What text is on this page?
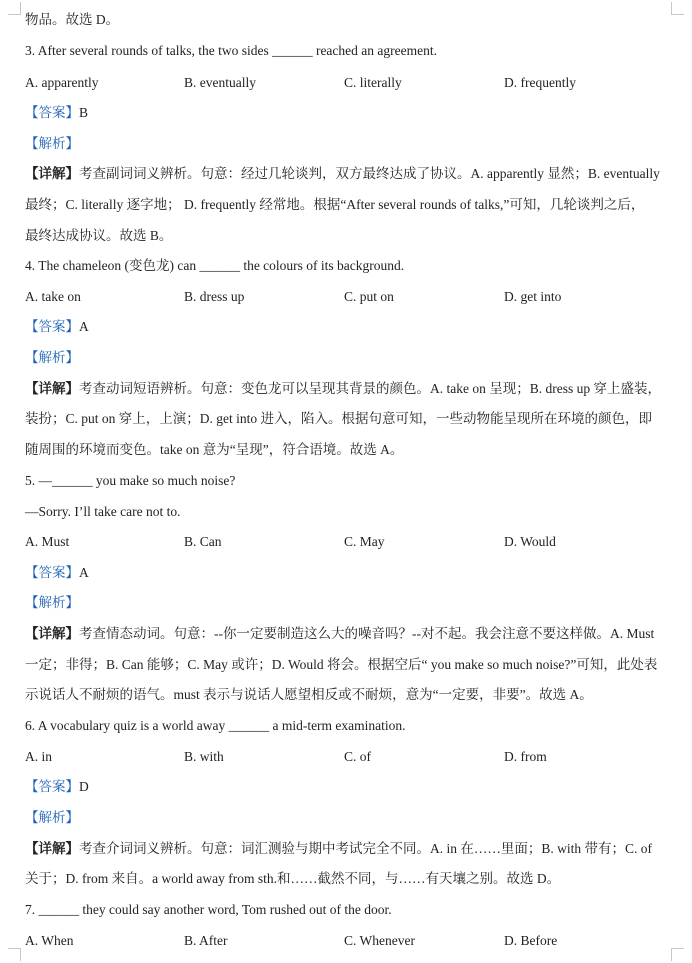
物品。故选 D。
3. After several rounds of talks, the two sides ______ reached an agreement.
A. apparently	B. eventually	C. literally	D. frequently
【答案】B
【解析】
【详解】考查副词词义辨析。句意：经过几轮谈判，双方最终达成了协议。A. apparently 显然；B. eventually
最终；C. literally 逐字地； D. frequently 经常地。根据“After several rounds of talks,”可知，几轮谈判之后，
最终达成协议。故选 B。
4. The chameleon (变色龙) can ______ the colours of its background.
A. take on	B. dress up	C. put on	D. get into
【答案】A
【解析】
【详解】考查动词短语辨析。句意：变色龙可以呈现其背景的颜色。A. take on 呈现；B. dress up 穿上盛装，
装扮；C. put on 穿上，上演；D. get into 进入，陷入。根据句意可知，一些动物能呈现所在环境的颜色，即
随周围的环境而变色。take on 意为“呈现”，符合语境。故选 A。
5. —______ you make so much noise?
—Sorry. I’ll take care not to.
A. Must	B. Can	C. May	D. Would
【答案】A
【解析】
【详解】考查情态动词。句意：--你一定要制造这么大的噪音吗？--对不起。我会注意不要这样做。A. Must
一定；非得；B. Can 能够；C. May 或许；D. Would 将会。根据空后“ you make so much noise?”可知，此处表
示说话人不耐烦的语气。must 表示与说话人愿望相反或不耐烦，意为“一定要，非要”。故选 A。
6. A vocabulary quiz is a world away ______ a mid-term examination.
A. in	B. with	C. of	D. from
【答案】D
【解析】
【详解】考查介词词义辨析。句意：词汇测验与期中考试完全不同。A. in 在……里面；B. with 带有；C. of
关于；D. from 来自。a world away from sth.和……截然不同，与……有天壤之别。故选 D。
7. ______ they could say another word, Tom rushed out of the door.
A. When	B. After	C. Whenever	D. Before
